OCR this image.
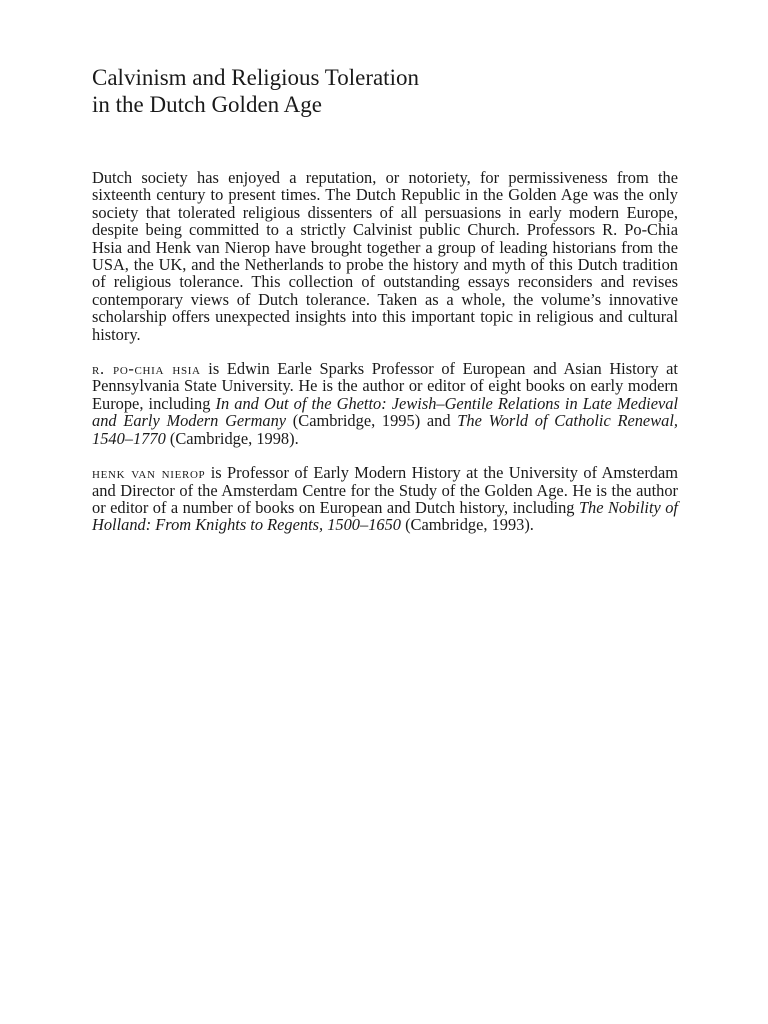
Calvinism and Religious Toleration
in the Dutch Golden Age

Dutch society has enjoyed a reputation, or notoriety, for permissiveness from the sixteenth century to present times. The Dutch Republic in the Golden Age was the only society that tolerated religious dissenters of all persuasions in early modern Europe, despite being committed to a strictly Calvinist public Church. Professors R. Po-Chia Hsia and Henk van Nierop have brought together a group of leading historians from the USA, the UK, and the Netherlands to probe the history and myth of this Dutch tradition of religious tolerance. This collection of outstanding essays reconsiders and revises contemporary views of Dutch tolerance. Taken as a whole, the volume’s innovative scholarship offers unexpected insights into this important topic in religious and cultural history.

r. po-chia hsia is Edwin Earle Sparks Professor of European and Asian History at Pennsylvania State University. He is the author or editor of eight books on early modern Europe, including In and Out of the Ghetto: Jewish–Gentile Relations in Late Medieval and Early Modern Germany (Cambridge, 1995) and The World of Catholic Renewal, 1540–1770 (Cambridge, 1998).

henk van nierop is Professor of Early Modern History at the University of Amsterdam and Director of the Amsterdam Centre for the Study of the Golden Age. He is the author or editor of a number of books on European and Dutch history, including The Nobility of Holland: From Knights to Regents, 1500–1650 (Cambridge, 1993).
